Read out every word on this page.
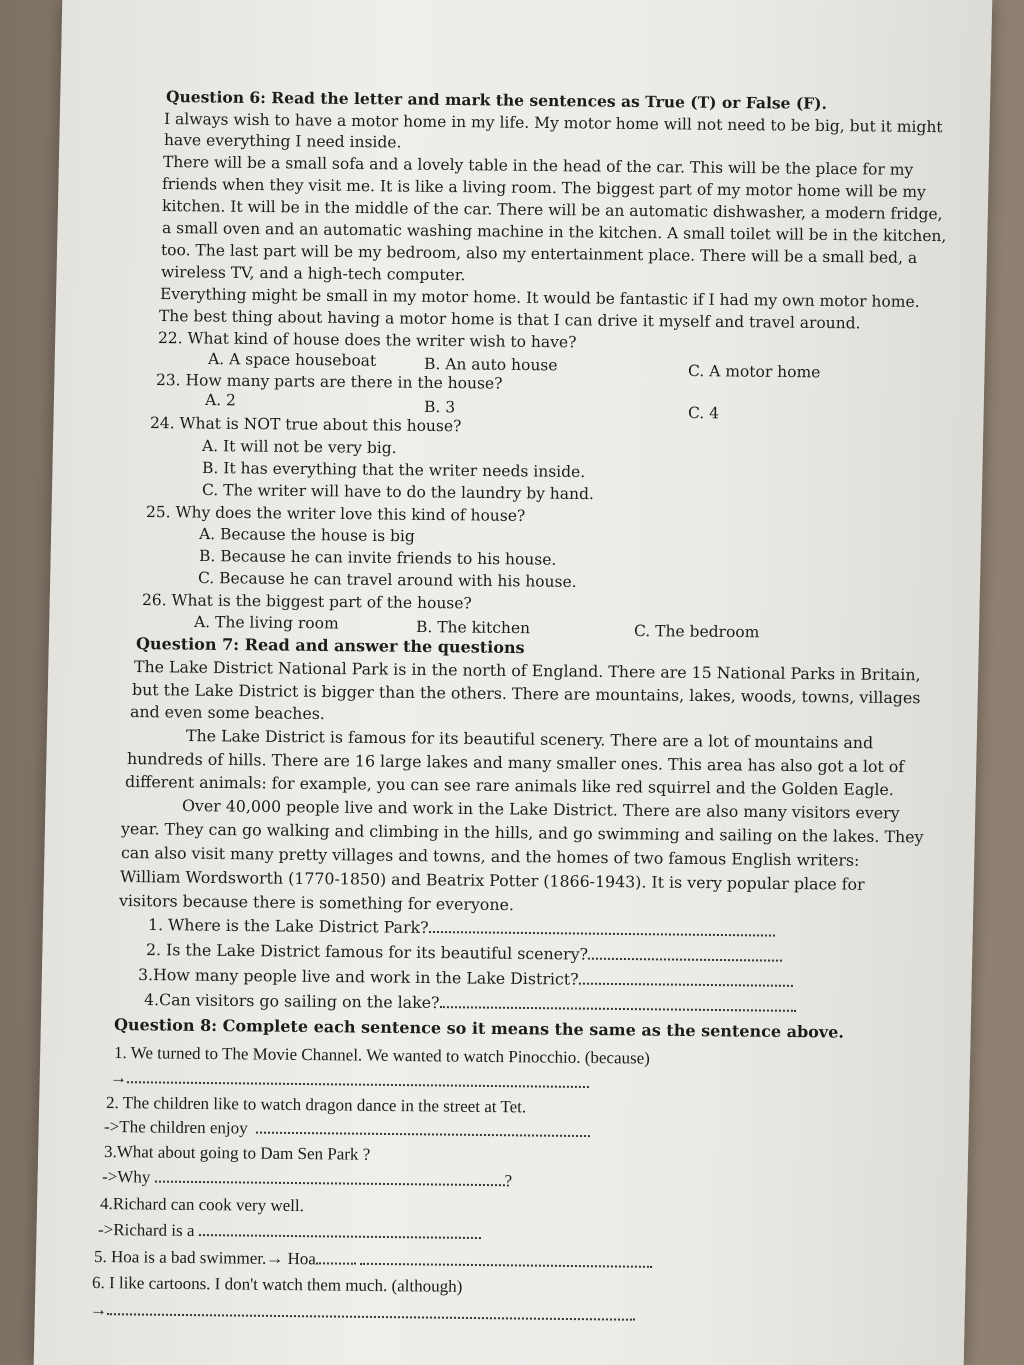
Question 6: Read the letter and mark the sentences as True (T) or False (F).
I always wish to have a motor home in my life. My motor home will not need to be big, but it might
have everything I need inside.
There will be a small sofa and a lovely table in the head of the car. This will be the place for my
friends when they visit me. It is like a living room. The biggest part of my motor home will be my
kitchen. It will be in the middle of the car. There will be an automatic dishwasher, a modern fridge,
a small oven and an automatic washing machine in the kitchen. A small toilet will be in the kitchen,
too. The last part will be my bedroom, also my entertainment place. There will be a small bed, a
wireless TV, and a high-tech computer.
Everything might be small in my motor home. It would be fantastic if I had my own motor home.
The best thing about having a motor home is that I can drive it myself and travel around.
22. What kind of house does the writer wish to have?
A. A space houseboat	B. An auto house	C. A motor home
23. How many parts are there in the house?
A. 2	B. 3	C. 4
24. What is NOT true about this house?
A. It will not be very big.
B. It has everything that the writer needs inside.
C. The writer will have to do the laundry by hand.
25. Why does the writer love this kind of house?
A. Because the house is big
B. Because he can invite friends to his house.
C. Because he can travel around with his house.
26. What is the biggest part of the house?
A. The living room	B. The kitchen	C. The bedroom
Question 7: Read and answer the questions
The Lake District National Park is in the north of England. There are 15 National Parks in Britain,
but the Lake District is bigger than the others. There are mountains, lakes, woods, towns, villages
and even some beaches.
The Lake District is famous for its beautiful scenery. There are a lot of mountains and
hundreds of hills. There are 16 large lakes and many smaller ones. This area has also got a lot of
different animals: for example, you can see rare animals like red squirrel and the Golden Eagle.
Over 40,000 people live and work in the Lake District. There are also many visitors every
year. They can go walking and climbing in the hills, and go swimming and sailing on the lakes. They
can also visit many pretty villages and towns, and the homes of two famous English writers:
William Wordsworth (1770-1850) and Beatrix Potter (1866-1943). It is very popular place for
visitors because there is something for everyone.
1. Where is the Lake District Park?
2. Is the Lake District famous for its beautiful scenery?
3.How many people live and work in the Lake District?
4.Can visitors go sailing on the lake?
Question 8: Complete each sentence so it means the same as the sentence above.
1. We turned to The Movie Channel. We wanted to watch Pinocchio. (because)
→
2. The children like to watch dragon dance in the street at Tet.
->The children enjoy
3.What about going to Dam Sen Park ?
->Why	?
4.Richard can cook very well.
->Richard is a
5. Hoa is a bad swimmer.→ Hoa
6. I like cartoons. I don't watch them much. (although)
→
